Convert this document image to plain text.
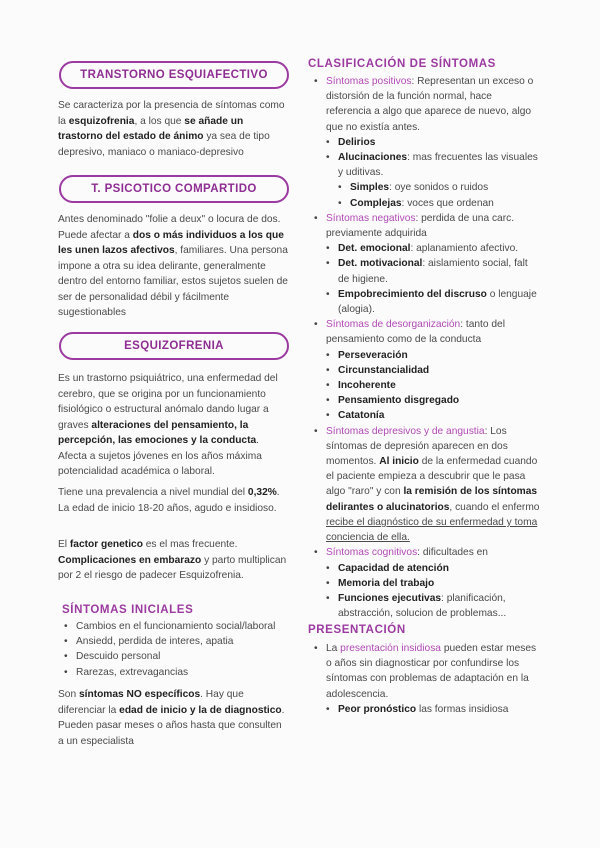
TRANSTORNO ESQUIAFECTIVO

Se caracteriza por la presencia de síntomas como la esquizofrenia, a los que se añade un trastorno del estado de ánimo ya sea de tipo depresivo, maniaco o maniaco-depresivo

T. PSICOTICO COMPARTIDO

Antes denominado "folie a deux" o locura de dos. Puede afectar a dos o más individuos a los que les unen lazos afectivos, familiares. Una persona impone a otra su idea delirante, generalmente dentro del entorno familiar, estos sujetos suelen de ser de personalidad débil y fácilmente sugestionables

ESQUIZOFRENIA

Es un trastorno psiquiátrico, una enfermedad del cerebro, que se origina por un funcionamiento fisiológico o estructural anómalo dando lugar a graves alteraciones del pensamiento, la percepción, las emociones y la conducta. Afecta a sujetos jóvenes en los años máxima potencialidad académica o laboral.

Tiene una prevalencia a nivel mundial del 0,32%. La edad de inicio 18-20 años, agudo e insidioso.

El factor genetico es el mas frecuente. Complicaciones en embarazo y parto multiplican por 2 el riesgo de padecer Esquizofrenia.

SÍNTOMAS INICIALES
• Cambios en el funcionamiento social/laboral
• Ansiedd, perdida de interes, apatia
• Descuido personal
• Rarezas, extrevagancias

Son síntomas NO específicos. Hay que diferenciar la edad de inicio y la de diagnostico. Pueden pasar meses o años hasta que consulten a un especialista

CLASIFICACIÓN DE SÍNTOMAS
• Síntomas positivos: Representan un exceso o distorsión de la función normal, hace referencia a algo que aparece de nuevo, algo que no existía antes.
• Delirios
• Alucinaciones: mas frecuentes las visuales y uditivas.
• Simples: oye sonidos o ruidos
• Complejas: voces que ordenan
• Síntomas negativos: perdida de una carc. previamente adquirida
• Det. emocional: aplanamiento afectivo.
• Det. motivacional: aislamiento social, falt de higiene.
• Empobrecimiento del discruso o lenguaje (alogia).
• Síntomas de desorganización: tanto del pensamiento como de la conducta
• Perseveración
• Circunstancialidad
• Incoherente
• Pensamiento disgregado
• Catatonía
• Síntomas depresivos y de angustia: Los síntomas de depresión aparecen en dos momentos. Al inicio de la enfermedad cuando el paciente empieza a descubrir que le pasa algo "raro" y con la remisión de los síntomas delirantes o alucinatorios, cuando el enfermo recibe el diagnóstico de su enfermedad y toma conciencia de ella.
• Síntomas cognitivos: dificultades en
• Capacidad de atención
• Memoria del trabajo
• Funciones ejecutivas: planificación, abstracción, solucion de problemas...
PRESENTACIÓN
• La presentación insidiosa pueden estar meses o años sin diagnosticar por confundirse los síntomas con problemas de adaptación en la adolescencia.
• Peor pronóstico las formas insidiosa
